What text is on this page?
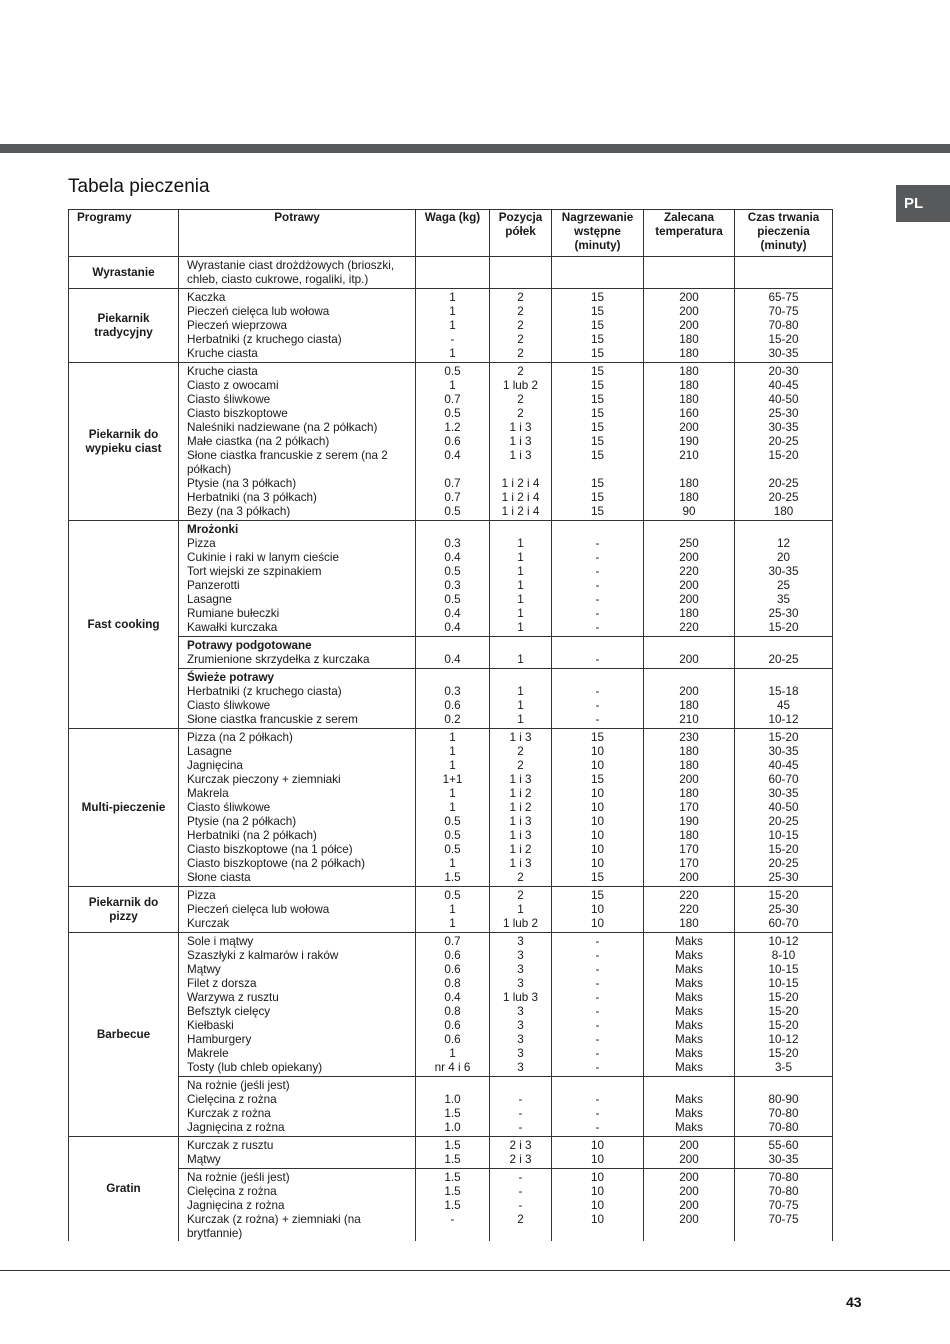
Tabela pieczenia
PL
Programy	Potrawy	Waga (kg)	Pozycja półek	Nagrzewanie wstępne (minuty)	Zalecana temperatura	Czas trwania pieczenia (minuty)
Wyrastanie	Wyrastanie ciast drożdżowych (brioszki, chleb, ciasto cukrowe, rogaliki, itp.)					
Piekarnik tradycyjny	Kaczka	1	2	15	200	65-75
	Pieczeń cielęca lub wołowa	1	2	15	200	70-75
	Pieczeń wieprzowa	1	2	15	200	70-80
	Herbatniki (z kruchego ciasta)	-	2	15	180	15-20
	Kruche ciasta	1	2	15	180	30-35
Piekarnik do wypieku ciast	Kruche ciasta	0.5	2	15	180	20-30
	Ciasto z owocami	1	1 lub 2	15	180	40-45
	Ciasto śliwkowe	0.7	2	15	180	40-50
	Ciasto biszkoptowe	0.5	2	15	160	25-30
	Naleśniki nadziewane (na 2 półkach)	1.2	1 i 3	15	200	30-35
	Małe ciastka (na 2 półkach)	0.6	1 i 3	15	190	20-25
	Słone ciastka francuskie z serem (na 2 półkach)	0.4	1 i 3	15	210	15-20
	Ptysie (na 3 półkach)	0.7	1 i 2 i 4	15	180	20-25
	Herbatniki (na 3 półkach)	0.7	1 i 2 i 4	15	180	20-25
	Bezy (na 3 półkach)	0.5	1 i 2 i 4	15	90	180
Fast cooking	Mrożonki					
	Pizza	0.3	1	-	250	12
	Cukinie i raki w lanym cieście	0.4	1	-	200	20
	Tort wiejski ze szpinakiem	0.5	1	-	220	30-35
	Panzerotti	0.3	1	-	200	25
	Lasagne	0.5	1	-	200	35
	Rumiane bułeczki	0.4	1	-	180	25-30
	Kawałki kurczaka	0.4	1	-	220	15-20
	Potrawy podgotowane					
	Zrumienione skrzydełka z kurczaka	0.4	1	-	200	20-25
	Świeże potrawy					
	Herbatniki (z kruchego ciasta)	0.3	1	-	200	15-18
	Ciasto śliwkowe	0.6	1	-	180	45
	Słone ciastka francuskie z serem	0.2	1	-	210	10-12
Multi-pieczenie	Pizza (na 2 półkach)	1	1 i 3	15	230	15-20
	Lasagne	1	2	10	180	30-35
	Jagnięcina	1	2	10	180	40-45
	Kurczak pieczony + ziemniaki	1+1	1 i 3	15	200	60-70
	Makrela	1	1 i 2	10	180	30-35
	Ciasto śliwkowe	1	1 i 2	10	170	40-50
	Ptysie (na 2 półkach)	0.5	1 i 3	10	190	20-25
	Herbatniki (na 2 półkach)	0.5	1 i 3	10	180	10-15
	Ciasto biszkoptowe (na 1 półce)	0.5	1 i 2	10	170	15-20
	Ciasto biszkoptowe (na 2 półkach)	1	1 i 3	10	170	20-25
	Słone ciasta	1.5	2	15	200	25-30
Piekarnik do pizzy	Pizza	0.5	2	15	220	15-20
	Pieczeń cielęca lub wołowa	1	1	10	220	25-30
	Kurczak	1	1 lub 2	10	180	60-70
Barbecue	Sole i mątwy	0.7	3	-	Maks	10-12
	Szaszłyki z kalmarów i raków	0.6	3	-	Maks	8-10
	Mątwy	0.6	3	-	Maks	10-15
	Filet z dorsza	0.8	3	-	Maks	10-15
	Warzywa z rusztu	0.4	1 lub 3	-	Maks	15-20
	Befsztyk cielęcy	0.8	3	-	Maks	15-20
	Kiełbaski	0.6	3	-	Maks	15-20
	Hamburgery	0.6	3	-	Maks	10-12
	Makrele	1	3	-	Maks	15-20
	Tosty (lub chleb opiekany)	nr 4 i 6	3	-	Maks	3-5
	Na rożnie (jeśli jest)					
	Cielęcina z rożna	1.0	-	-	Maks	80-90
	Kurczak z rożna	1.5	-	-	Maks	70-80
	Jagnięcina z rożna	1.0	-	-	Maks	70-80
Gratin	Kurczak z rusztu	1.5	2 i 3	10	200	55-60
	Mątwy	1.5	2 i 3	10	200	30-35
	Na rożnie (jeśli jest)	1.5	-	10	200	70-80
	Cielęcina z rożna	1.5	-	10	200	70-80
	Jagnięcina z rożna	1.5	-	10	200	70-75
	Kurczak (z rożna) + ziemniaki (na brytfannie)	-	2	10	200	70-75
43
